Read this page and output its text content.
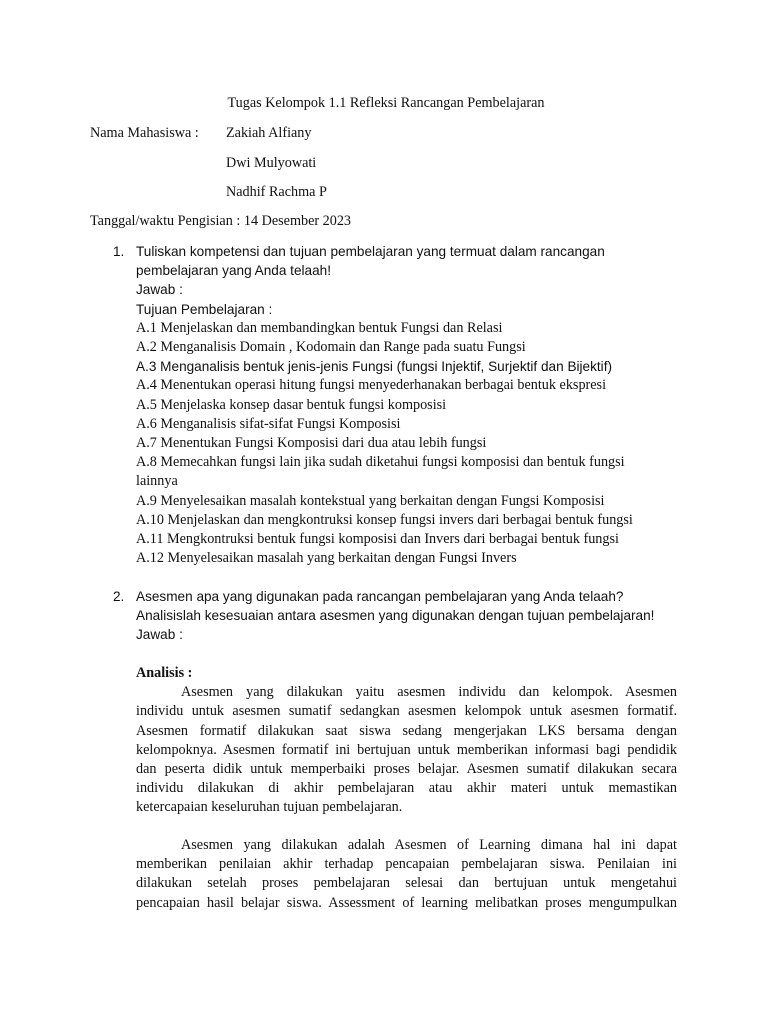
Tugas Kelompok 1.1 Refleksi Rancangan Pembelajaran
Nama Mahasiswa : Zakiah Alfiany
Dwi Mulyowati
Nadhif Rachma P
Tanggal/waktu Pengisian : 14 Desember 2023
1. Tuliskan kompetensi dan tujuan pembelajaran yang termuat dalam rancangan
pembelajaran yang Anda telaah!
Jawab :
Tujuan Pembelajaran :
A.1 Menjelaskan dan membandingkan bentuk Fungsi dan Relasi
A.2 Menganalisis Domain , Kodomain dan Range pada suatu Fungsi
A.3 Menganalisis bentuk jenis-jenis Fungsi (fungsi Injektif, Surjektif dan Bijektif)
A.4 Menentukan operasi hitung fungsi menyederhanakan berbagai bentuk ekspresi
A.5 Menjelaska konsep dasar bentuk fungsi komposisi
A.6 Menganalisis sifat-sifat Fungsi Komposisi
A.7 Menentukan Fungsi Komposisi dari dua atau lebih fungsi
A.8 Memecahkan fungsi lain jika sudah diketahui fungsi komposisi dan bentuk fungsi
lainnya
A.9 Menyelesaikan masalah kontekstual yang berkaitan dengan Fungsi Komposisi
A.10 Menjelaskan dan mengkontruksi konsep fungsi invers dari berbagai bentuk fungsi
A.11 Mengkontruksi bentuk fungsi komposisi dan Invers dari berbagai bentuk fungsi
A.12 Menyelesaikan masalah yang berkaitan dengan Fungsi Invers
2. Asesmen apa yang digunakan pada rancangan pembelajaran yang Anda telaah?
Analisislah kesesuaian antara asesmen yang digunakan dengan tujuan pembelajaran!
Jawab :
Analisis :
Asesmen yang dilakukan yaitu asesmen individu dan kelompok. Asesmen
individu untuk asesmen sumatif sedangkan asesmen kelompok untuk asesmen formatif.
Asesmen formatif dilakukan saat siswa sedang mengerjakan LKS bersama dengan
kelompoknya. Asesmen formatif ini bertujuan untuk memberikan informasi bagi pendidik
dan peserta didik untuk memperbaiki proses belajar. Asesmen sumatif dilakukan secara
individu dilakukan di akhir pembelajaran atau akhir materi untuk memastikan
ketercapaian keseluruhan tujuan pembelajaran.
Asesmen yang dilakukan adalah Asesmen of Learning dimana hal ini dapat
memberikan penilaian akhir terhadap pencapaian pembelajaran siswa. Penilaian ini
dilakukan setelah proses pembelajaran selesai dan bertujuan untuk mengetahui
pencapaian hasil belajar siswa. Assessment of learning melibatkan proses mengumpulkan
